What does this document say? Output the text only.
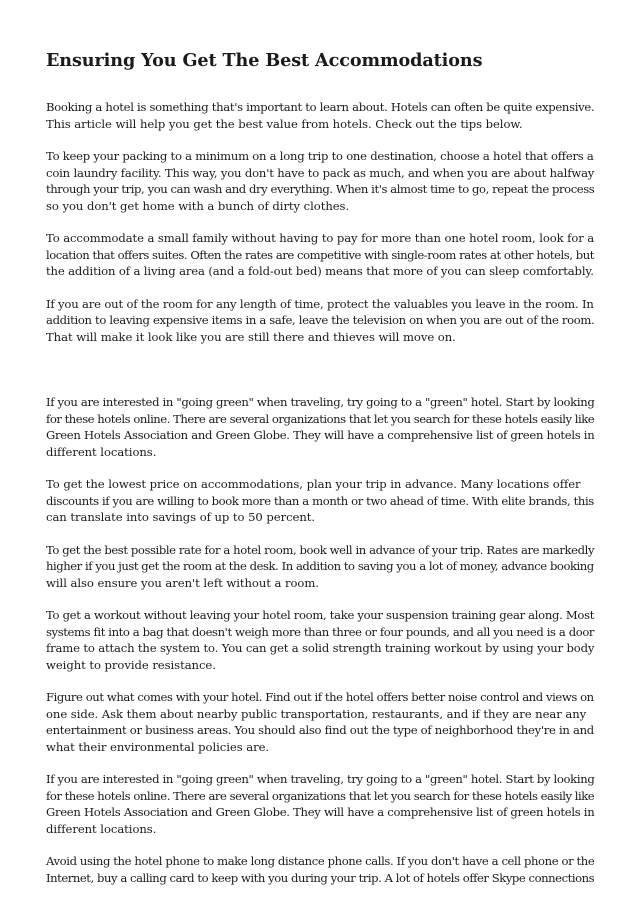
Ensuring You Get The Best Accommodations

Booking a hotel is something that's important to learn about. Hotels can often be quite expensive.
This article will help you get the best value from hotels. Check out the tips below.

To keep your packing to a minimum on a long trip to one destination, choose a hotel that offers a
coin laundry facility. This way, you don't have to pack as much, and when you are about halfway
through your trip, you can wash and dry everything. When it's almost time to go, repeat the process
so you don't get home with a bunch of dirty clothes.

To accommodate a small family without having to pay for more than one hotel room, look for a
location that offers suites. Often the rates are competitive with single-room rates at other hotels, but
the addition of a living area (and a fold-out bed) means that more of you can sleep comfortably.

If you are out of the room for any length of time, protect the valuables you leave in the room. In
addition to leaving expensive items in a safe, leave the television on when you are out of the room.
That will make it look like you are still there and thieves will move on.

If you are interested in "going green" when traveling, try going to a "green" hotel. Start by looking
for these hotels online. There are several organizations that let you search for these hotels easily like
Green Hotels Association and Green Globe. They will have a comprehensive list of green hotels in
different locations.

To get the lowest price on accommodations, plan your trip in advance. Many locations offer
discounts if you are willing to book more than a month or two ahead of time. With elite brands, this
can translate into savings of up to 50 percent.

To get the best possible rate for a hotel room, book well in advance of your trip. Rates are markedly
higher if you just get the room at the desk. In addition to saving you a lot of money, advance booking
will also ensure you aren't left without a room.

To get a workout without leaving your hotel room, take your suspension training gear along. Most
systems fit into a bag that doesn't weigh more than three or four pounds, and all you need is a door
frame to attach the system to. You can get a solid strength training workout by using your body
weight to provide resistance.

Figure out what comes with your hotel. Find out if the hotel offers better noise control and views on
one side. Ask them about nearby public transportation, restaurants, and if they are near any
entertainment or business areas. You should also find out the type of neighborhood they're in and
what their environmental policies are.

If you are interested in "going green" when traveling, try going to a "green" hotel. Start by looking
for these hotels online. There are several organizations that let you search for these hotels easily like
Green Hotels Association and Green Globe. They will have a comprehensive list of green hotels in
different locations.

Avoid using the hotel phone to make long distance phone calls. If you don't have a cell phone or the
Internet, buy a calling card to keep with you during your trip. A lot of hotels offer Skype connections
